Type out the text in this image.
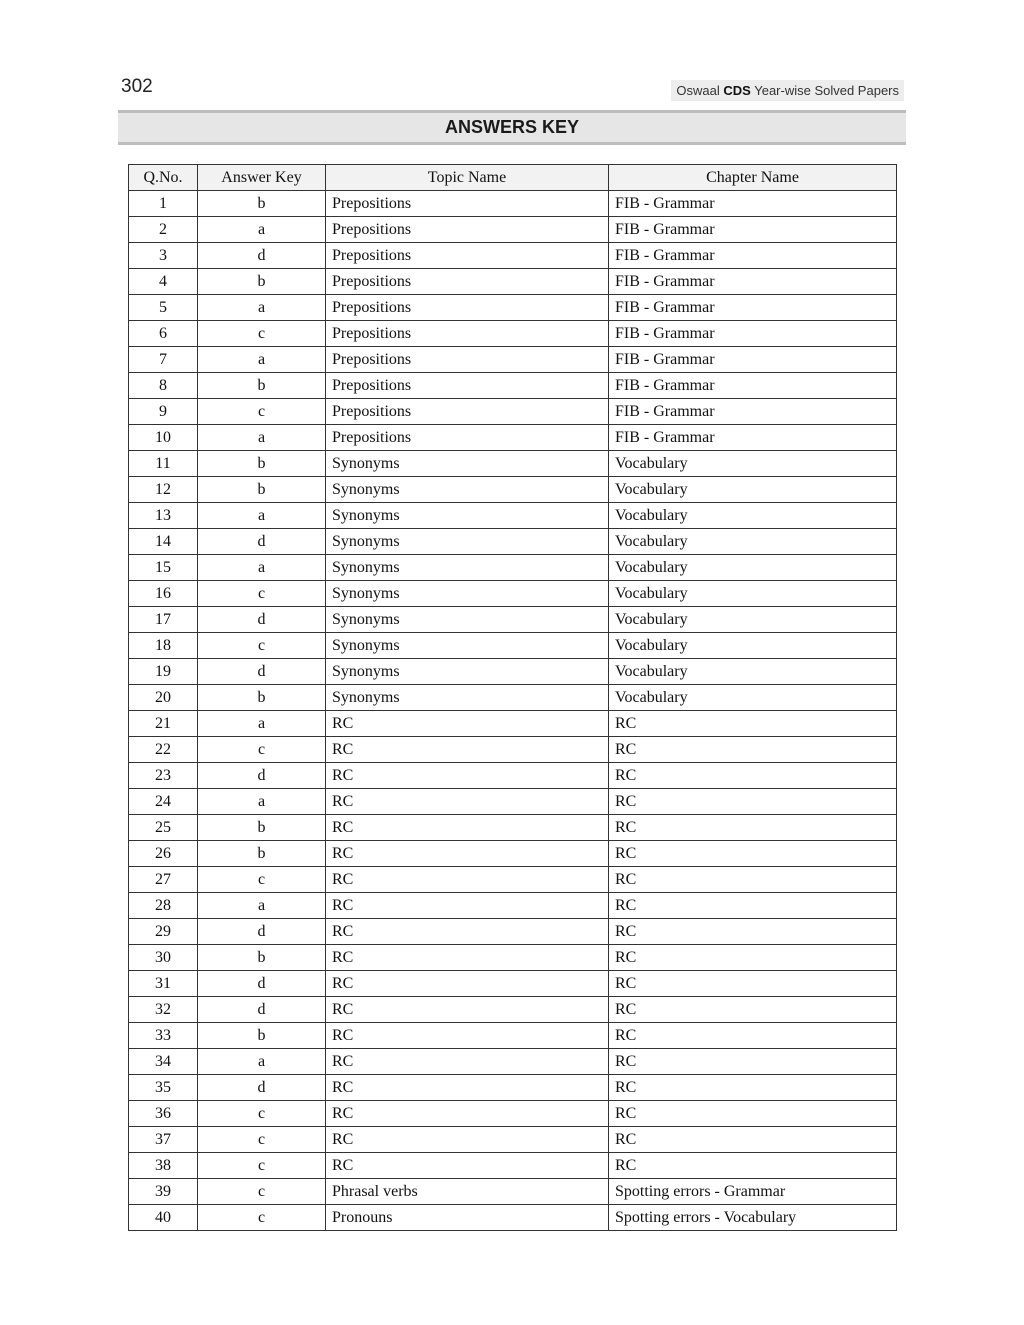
302	Oswaal CDS Year-wise Solved Papers
ANSWERS KEY
Q.No.	Answer Key	Topic Name	Chapter Name
1	b	Prepositions	FIB - Grammar
2	a	Prepositions	FIB - Grammar
3	d	Prepositions	FIB - Grammar
4	b	Prepositions	FIB - Grammar
5	a	Prepositions	FIB - Grammar
6	c	Prepositions	FIB - Grammar
7	a	Prepositions	FIB - Grammar
8	b	Prepositions	FIB - Grammar
9	c	Prepositions	FIB - Grammar
10	a	Prepositions	FIB - Grammar
11	b	Synonyms	Vocabulary
12	b	Synonyms	Vocabulary
13	a	Synonyms	Vocabulary
14	d	Synonyms	Vocabulary
15	a	Synonyms	Vocabulary
16	c	Synonyms	Vocabulary
17	d	Synonyms	Vocabulary
18	c	Synonyms	Vocabulary
19	d	Synonyms	Vocabulary
20	b	Synonyms	Vocabulary
21	a	RC	RC
22	c	RC	RC
23	d	RC	RC
24	a	RC	RC
25	b	RC	RC
26	b	RC	RC
27	c	RC	RC
28	a	RC	RC
29	d	RC	RC
30	b	RC	RC
31	d	RC	RC
32	d	RC	RC
33	b	RC	RC
34	a	RC	RC
35	d	RC	RC
36	c	RC	RC
37	c	RC	RC
38	c	RC	RC
39	c	Phrasal verbs	Spotting errors - Grammar
40	c	Pronouns	Spotting errors - Vocabulary
